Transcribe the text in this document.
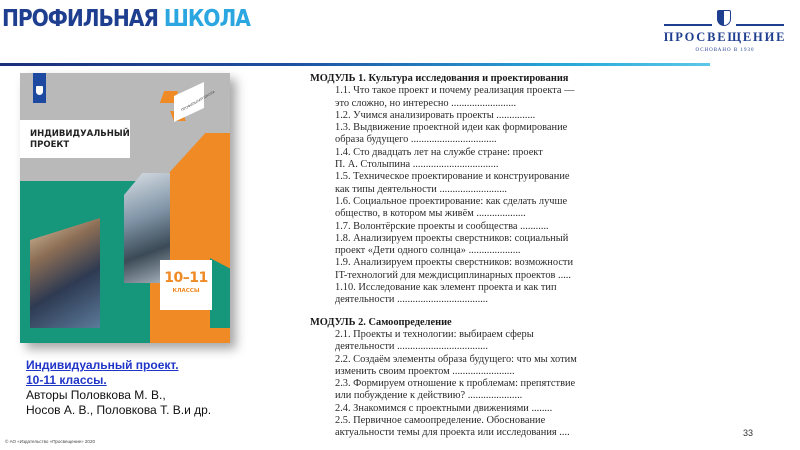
ПРОФИЛЬНАЯ ШКОЛА
ПРОСВЕЩЕНИЕ
ОСНОВАНО В 1930
ПРОФИЛЬНАЯ ШКОЛА
ИНДИВИДУАЛЬНЫЙ
ПРОЕКТ
10–11
КЛАССЫ
Индивидуальный проект.
10-11 классы.
Авторы Половкова М. В.,
Носов А. В., Половкова Т. В.и др.
МОДУЛЬ 1. Культура исследования и проектирования
1.1. Что такое проект и почему реализация проекта —
это сложно, но интересно .........................
1.2. Учимся анализировать проекты ...............
1.3. Выдвижение проектной идеи как формирование
образа будущего .................................
1.4. Сто двадцать лет на службе стране: проект
П. А. Столыпина .................................
1.5. Техническое проектирование и конструирование
как типы деятельности ..........................
1.6. Социальное проектирование: как сделать лучше
общество, в котором мы живём ...................
1.7. Волонтёрские проекты и сообщества ...........
1.8. Анализируем проекты сверстников: социальный
проект «Дети одного солнца» ....................
1.9. Анализируем проекты сверстников: возможности
IT-технологий для междисциплинарных проектов .....
1.10. Исследование как элемент проекта и как тип
деятельности ...................................
МОДУЛЬ 2. Самоопределение
2.1. Проекты и технологии: выбираем сферы
деятельности ...................................
2.2. Создаём элементы образа будущего: что мы хотим
изменить своим проектом ........................
2.3. Формируем отношение к проблемам: препятствие
или побуждение к действию? .....................
2.4. Знакомимся с проектными движениями ........
2.5. Первичное самоопределение. Обоснование
актуальности темы для проекта или исследования ....	33
© АО «Издательство «Просвещение» 2020
